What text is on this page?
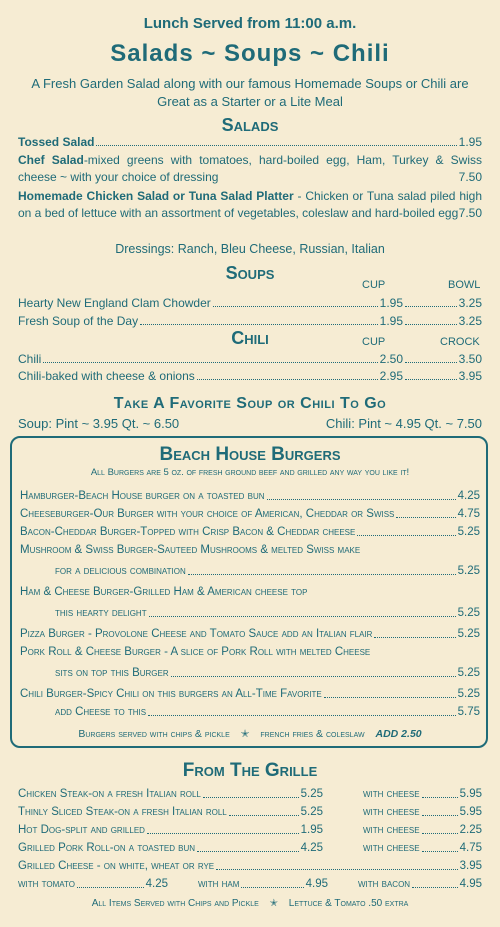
Lunch Served from 11:00 a.m.
Salads ~ Soups ~ Chili
A Fresh Garden Salad along with our famous Homemade Soups or Chili are Great as a Starter or a Lite Meal
Salads
Tossed Salad	1.95
Chef Salad-mixed greens with tomatoes, hard-boiled egg, Ham, Turkey & Swiss cheese ~ with your choice of dressing	7.50
Homemade Chicken Salad or Tuna Salad Platter - Chicken or Tuna salad piled high on a bed of lettuce with an assortment of vegetables, coleslaw and hard-boiled egg 7.50
Dressings: Ranch, Bleu Cheese, Russian, Italian
Soups
CUP	BOWL
Hearty New England Clam Chowder	1.95	3.25
Fresh Soup of the Day	1.95	3.25
Chili	CUP	CROCK
Chili	2.50	3.50
Chili-baked with cheese & onions	2.95	3.95
Take A Favorite Soup or Chili To Go
Soup: Pint ~ 3.95 Qt. ~ 6.50	Chili: Pint ~ 4.95 Qt. ~ 7.50
Beach House Burgers
All Burgers are 5 oz. of fresh ground beef and grilled any way you like it!
Hamburger-Beach House burger on a toasted bun	4.25
Cheeseburger-Our Burger with your choice of American, Cheddar or Swiss	4.75
Bacon-Cheddar Burger-Topped with Crisp Bacon & Cheddar cheese	5.25
Mushroom & Swiss Burger-Sauteed Mushrooms & melted Swiss make
for a delicious combination	5.25
Ham & Cheese Burger-Grilled Ham & American cheese top
this hearty delight	5.25
Pizza Burger - Provolone Cheese and Tomato Sauce add an Italian flair	5.25
Pork Roll & Cheese Burger - A slice of Pork Roll with melted Cheese
sits on top this Burger	5.25
Chili Burger-Spicy Chili on this burgers an All-Time Favorite	5.25
add Cheese to this	5.75
Burgers served with chips & pickle ✭ french fries & coleslaw ADD 2.50
From The Grille
Chicken Steak-on a fresh Italian roll	5.25	with cheese	5.95
Thinly Sliced Steak-on a fresh Italian roll	5.25	with cheese	5.95
Hot Dog-split and grilled	1.95	with cheese	2.25
Grilled Pork Roll-on a toasted bun	4.25	with cheese	4.75
Grilled Cheese - on white, wheat or rye	3.95
with tomato	4.25	with ham	4.95	with bacon	4.95
All Items Served with Chips and Pickle ✭ Lettuce & Tomato .50 extra
